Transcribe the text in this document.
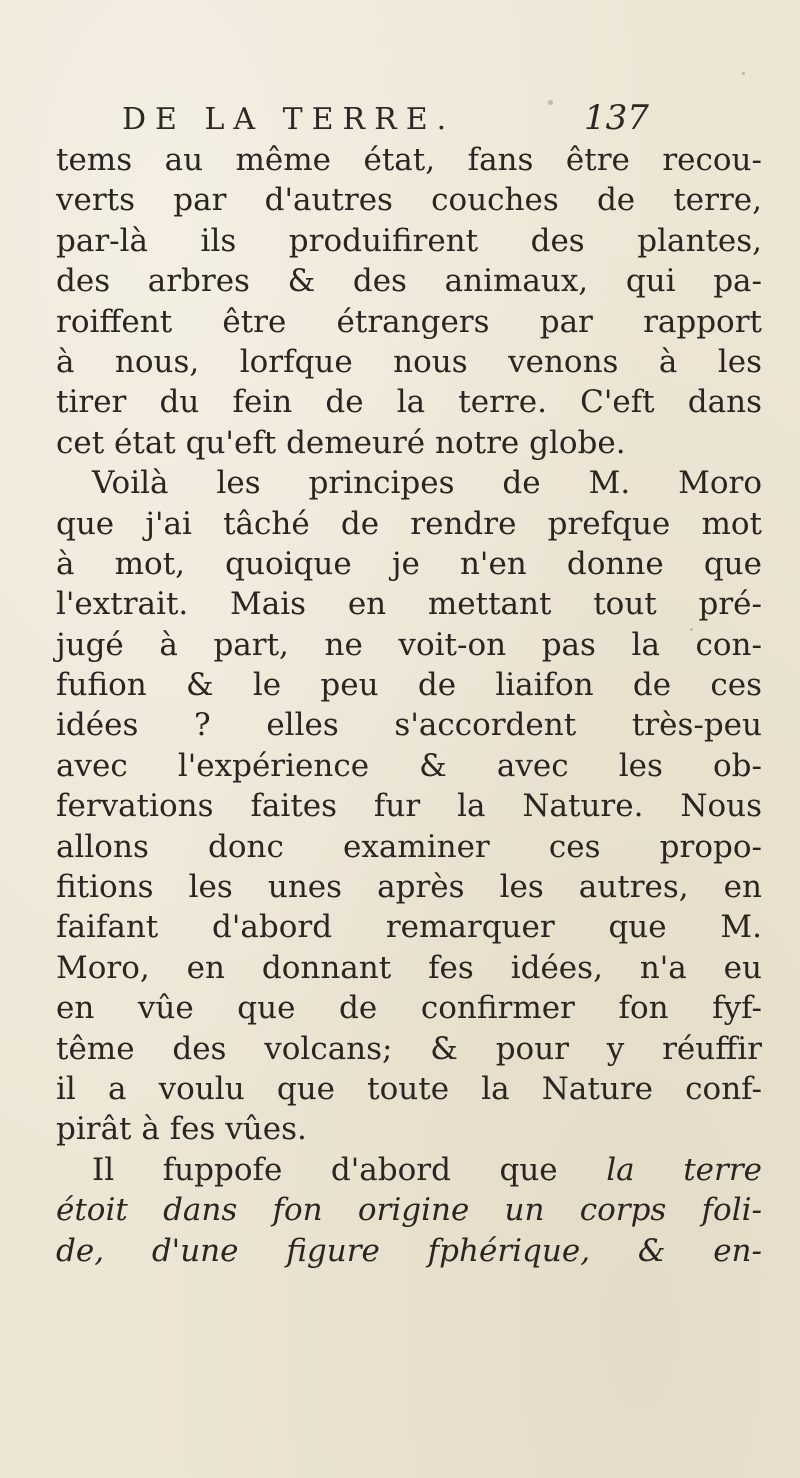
DE LA TERRE.	137
tems au même état, fans être recou-
verts par d'autres couches de terre,
par-là ils produifirent des plantes,
des arbres & des animaux, qui pa-
roiffent être étrangers par rapport
à nous, lorfque nous venons à les
tirer du fein de la terre. C'eft dans
cet état qu'eft demeuré notre globe.
Voilà les principes de M. Moro
que j'ai tâché de rendre prefque mot
à mot, quoique je n'en donne que
l'extrait. Mais en mettant tout pré-
jugé à part, ne voit-on pas la con-
fufion & le peu de liaifon de ces
idées ? elles s'accordent très-peu
avec l'expérience & avec les ob-
fervations faites fur la Nature. Nous
allons donc examiner ces propo-
fitions les unes après les autres, en
faifant d'abord remarquer que M.
Moro, en donnant fes idées, n'a eu
en vûe que de confirmer fon fyf-
tême des volcans; & pour y réuffir
il a voulu que toute la Nature conf-
pirât à fes vûes.
Il fuppofe d'abord que la terre
étoit dans fon origine un corps foli-
de, d'une figure fphérique, & en-
